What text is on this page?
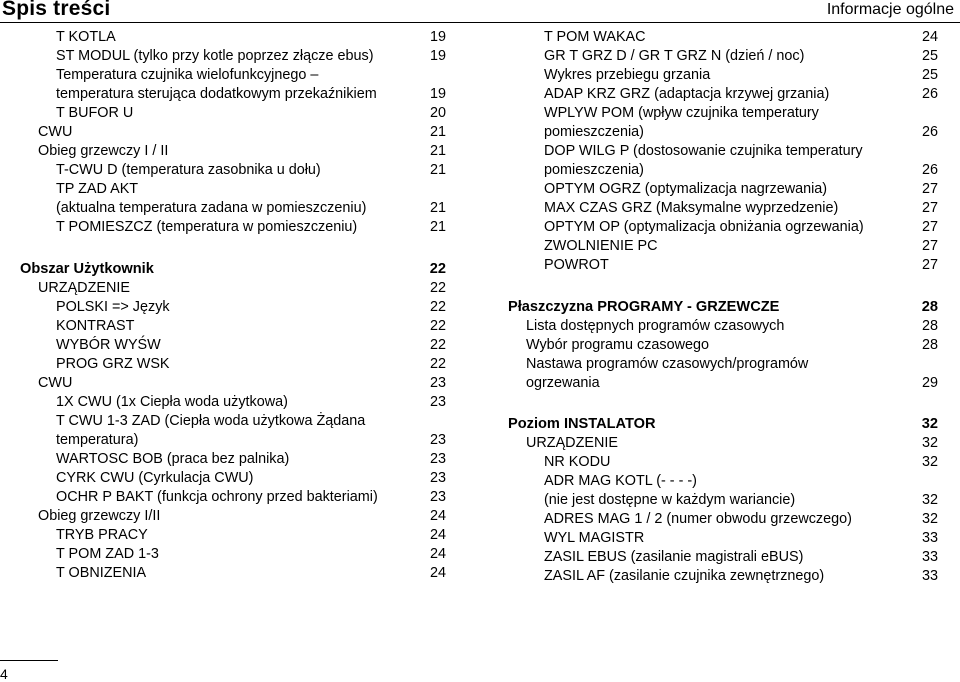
Spis treści	Informacje ogólne
T KOTLA	19
ST MODUL (tylko przy kotle poprzez złącze ebus)	19
Temperatura czujnika wielofunkcyjnego –
temperatura sterująca dodatkowym przekaźnikiem	19
T BUFOR U	20
CWU	21
Obieg grzewczy I / II	21
T-CWU D (temperatura zasobnika u dołu)	21
TP ZAD AKT
(aktualna temperatura zadana w pomieszczeniu)	21
T POMIESZCZ (temperatura w pomieszczeniu)	21
Obszar Użytkownik	22
URZĄDZENIE	22
POLSKI => Język	22
KONTRAST	22
WYBÓR WYŚW	22
PROG GRZ WSK	22
CWU	23
1X CWU (1x Ciepła woda użytkowa)	23
T CWU 1-3 ZAD (Ciepła woda użytkowa Żądana
temperatura)	23
WARTOSC BOB (praca bez palnika)	23
CYRK CWU (Cyrkulacja CWU)	23
OCHR P BAKT (funkcja ochrony przed bakteriami)	23
Obieg grzewczy I/II	24
TRYB PRACY	24
T POM ZAD 1-3	24
T OBNIZENIA	24
T POM WAKAC	24
GR T GRZ D / GR T GRZ N (dzień / noc)	25
Wykres przebiegu grzania	25
ADAP KRZ GRZ (adaptacja krzywej grzania)	26
WPLYW POM (wpływ czujnika temperatury
pomieszczenia)	26
DOP WILG P (dostosowanie czujnika temperatury
pomieszczenia)	26
OPTYM OGRZ (optymalizacja nagrzewania)	27
MAX CZAS GRZ (Maksymalne wyprzedzenie)	27
OPTYM OP (optymalizacja obniżania ogrzewania)	27
ZWOLNIENIE PC	27
POWROT	27
Płaszczyzna PROGRAMY - GRZEWCZE	28
Lista dostępnych programów czasowych	28
Wybór programu czasowego	28
Nastawa programów czasowych/programów
ogrzewania	29
Poziom INSTALATOR	32
URZĄDZENIE	32
NR KODU	32
ADR MAG KOTL (- - - -)
(nie jest dostępne w każdym wariancie)	32
ADRES MAG 1 / 2 (numer obwodu grzewczego)	32
WYL MAGISTR	33
ZASIL EBUS (zasilanie magistrali eBUS)	33
ZASIL AF (zasilanie czujnika zewnętrznego)	33
4
